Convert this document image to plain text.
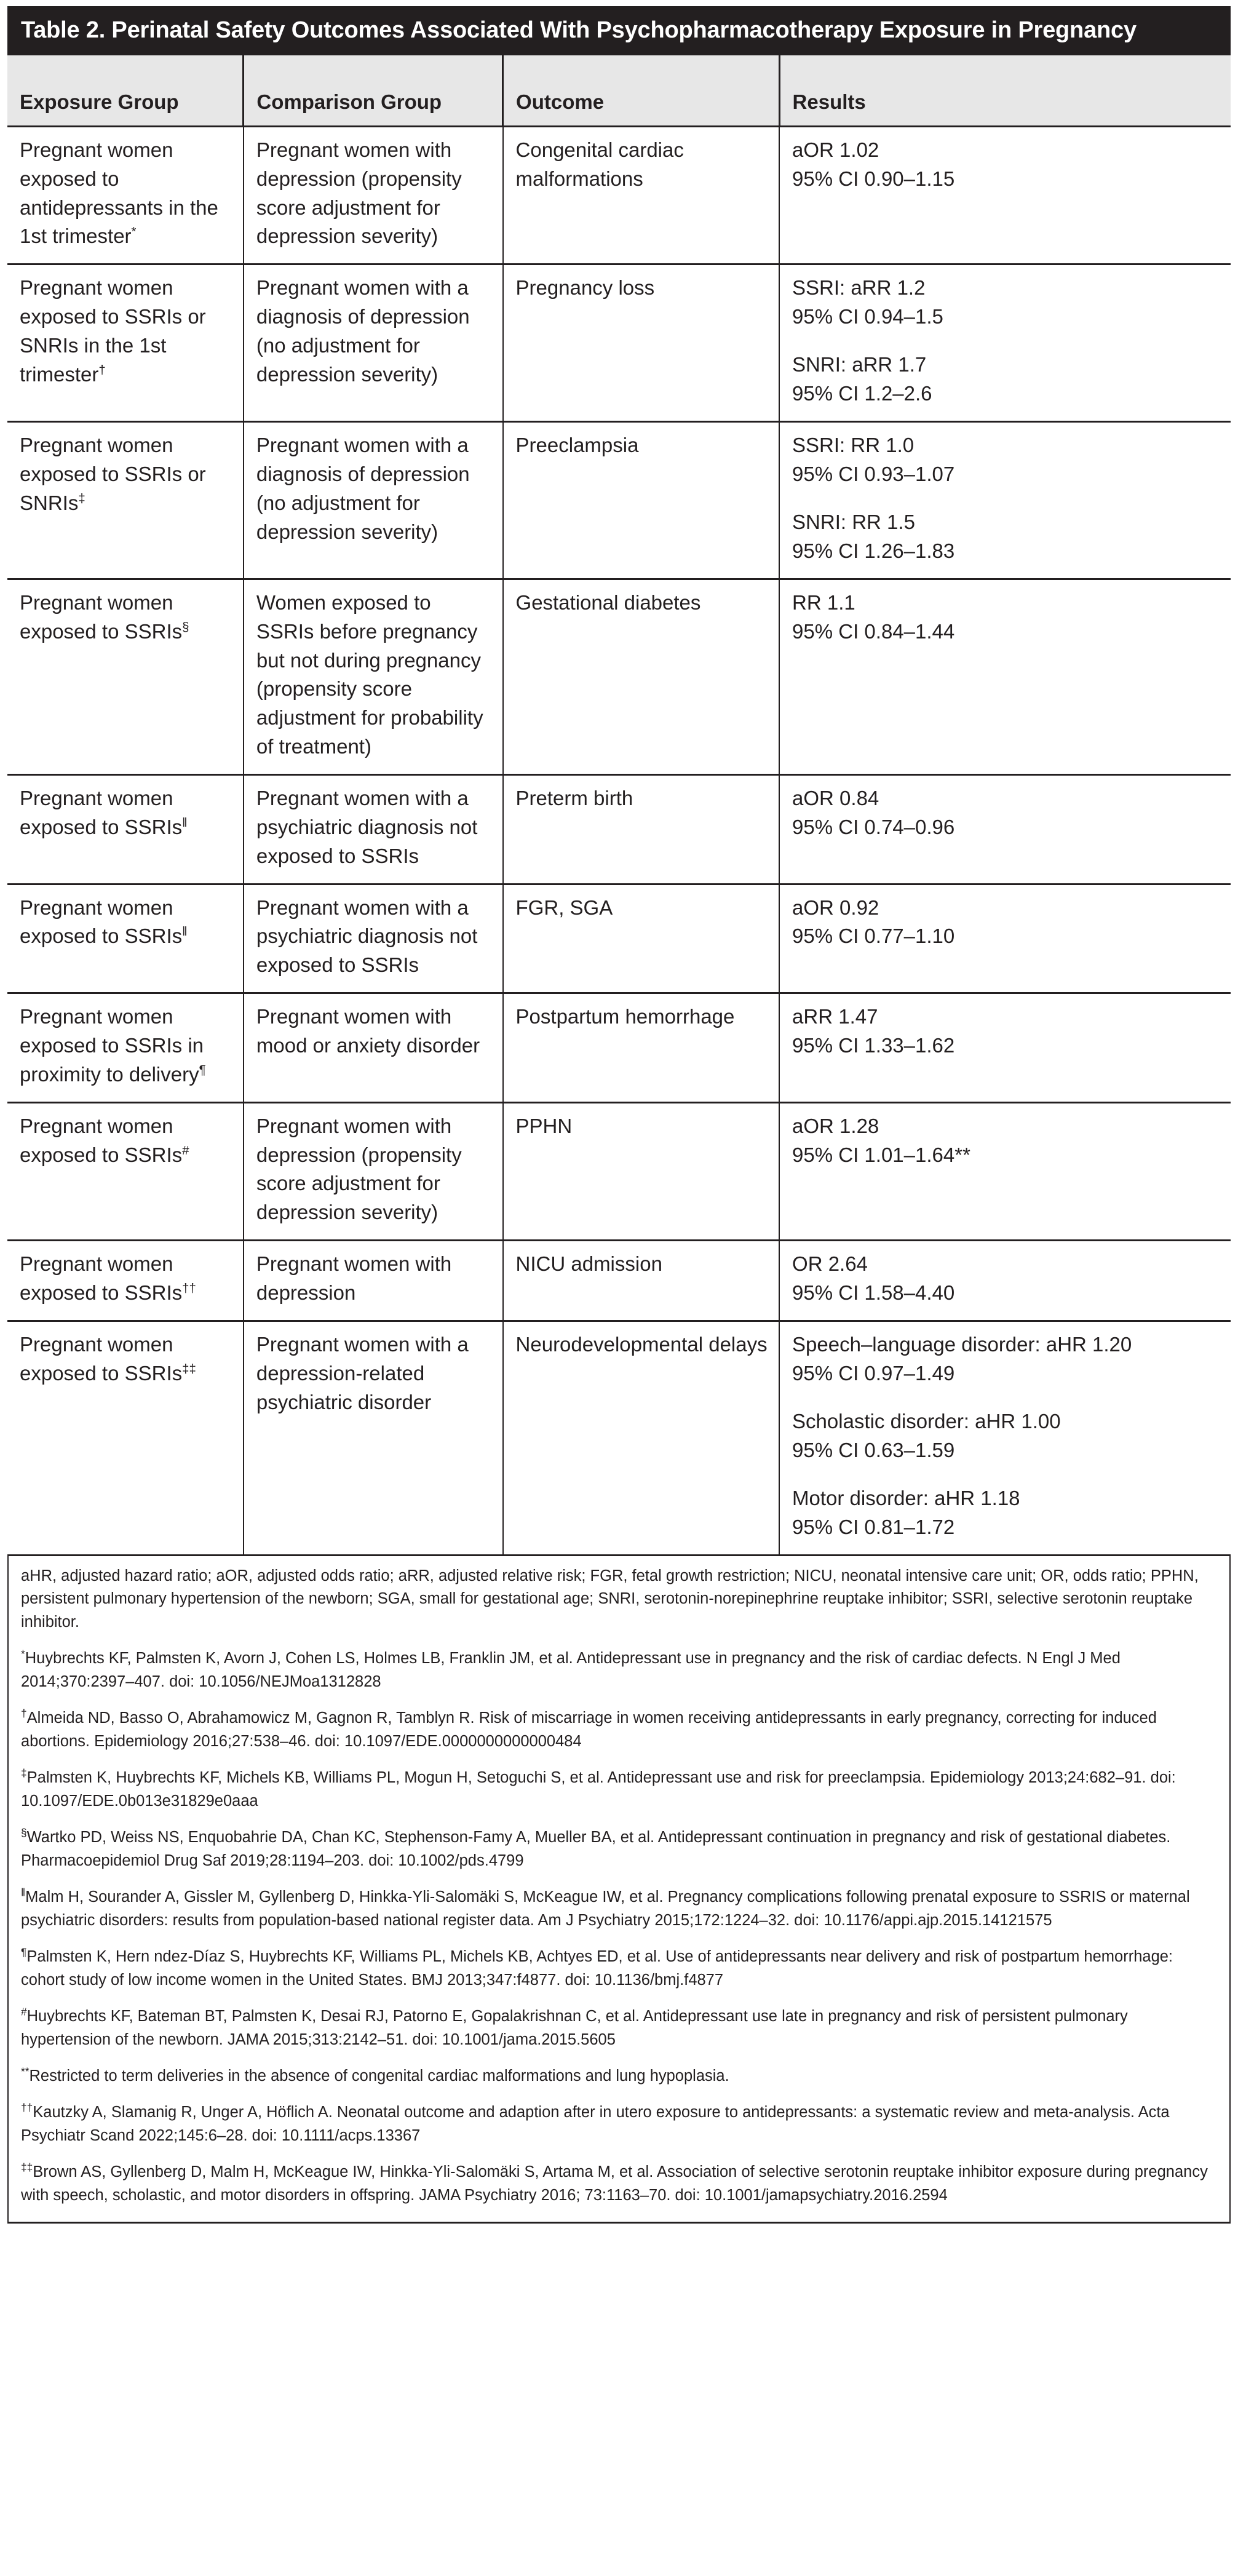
Table 2. Perinatal Safety Outcomes Associated With Psychopharmacotherapy Exposure in Pregnancy
Exposure Group	Comparison Group	Outcome	Results
Pregnant women exposed to antidepressants in the 1st trimester*	Pregnant women with depression (propensity score adjustment for depression severity)	Congenital cardiac malformations	aOR 1.02
95% CI 0.90–1.15

Pregnant women exposed to SSRIs or SNRIs in the 1st trimester†	Pregnant women with a diagnosis of depression (no adjustment for depression severity)	Pregnancy loss	SSRI: aRR 1.2
95% CI 0.94–1.5
SNRI: aRR 1.7
95% CI 1.2–2.6

Pregnant women exposed to SSRIs or SNRIs‡	Pregnant women with a diagnosis of depression (no adjustment for depression severity)	Preeclampsia	SSRI: RR 1.0
95% CI 0.93–1.07
SNRI: RR 1.5
95% CI 1.26–1.83

Pregnant women exposed to SSRIs§	Women exposed to SSRIs before pregnancy but not during pregnancy (propensity score adjustment for probability of treatment)	Gestational diabetes	RR 1.1
95% CI 0.84–1.44

Pregnant women exposed to SSRIs‖	Pregnant women with a psychiatric diagnosis not exposed to SSRIs	Preterm birth	aOR 0.84
95% CI 0.74–0.96

Pregnant women exposed to SSRIs‖	Pregnant women with a psychiatric diagnosis not exposed to SSRIs	FGR, SGA	aOR 0.92
95% CI 0.77–1.10

Pregnant women exposed to SSRIs in proximity to delivery¶	Pregnant women with mood or anxiety disorder	Postpartum hemorrhage	aRR 1.47
95% CI 1.33–1.62

Pregnant women exposed to SSRIs#	Pregnant women with depression (propensity score adjustment for depression severity)	PPHN	aOR 1.28
95% CI 1.01–1.64**

Pregnant women exposed to SSRIs††	Pregnant women with depression	NICU admission	OR 2.64
95% CI 1.58–4.40

Pregnant women exposed to SSRIs‡‡	Pregnant women with a depression-related psychiatric disorder	Neurodevelopmental delays	Speech–language disorder: aHR 1.20
95% CI 0.97–1.49
Scholastic disorder: aHR 1.00
95% CI 0.63–1.59
Motor disorder: aHR 1.18
95% CI 0.81–1.72

aHR, adjusted hazard ratio; aOR, adjusted odds ratio; aRR, adjusted relative risk; FGR, fetal growth restriction; NICU, neonatal intensive care unit; OR, odds ratio; PPHN, persistent pulmonary hypertension of the newborn; SGA, small for gestational age; SNRI, serotonin-norepinephrine reuptake inhibitor; SSRI, selective serotonin reuptake inhibitor.

*Huybrechts KF, Palmsten K, Avorn J, Cohen LS, Holmes LB, Franklin JM, et al. Antidepressant use in pregnancy and the risk of cardiac defects. N Engl J Med 2014;370:2397–407. doi: 10.1056/NEJMoa1312828

†Almeida ND, Basso O, Abrahamowicz M, Gagnon R, Tamblyn R. Risk of miscarriage in women receiving antidepressants in early pregnancy, correcting for induced abortions. Epidemiology 2016;27:538–46. doi: 10.1097/EDE.0000000000000484

‡Palmsten K, Huybrechts KF, Michels KB, Williams PL, Mogun H, Setoguchi S, et al. Antidepressant use and risk for preeclampsia. Epidemiology 2013;24:682–91. doi: 10.1097/EDE.0b013e31829e0aaa

§Wartko PD, Weiss NS, Enquobahrie DA, Chan KC, Stephenson-Famy A, Mueller BA, et al. Antidepressant continuation in pregnancy and risk of gestational diabetes. Pharmacoepidemiol Drug Saf 2019;28:1194–203. doi: 10.1002/pds.4799

‖Malm H, Sourander A, Gissler M, Gyllenberg D, Hinkka-Yli-Salomäki S, McKeague IW, et al. Pregnancy complications following prenatal exposure to SSRIS or maternal psychiatric disorders: results from population-based national register data. Am J Psychiatry 2015;172:1224–32. doi: 10.1176/appi.ajp.2015.14121575

¶Palmsten K, Hern ndez-Díaz S, Huybrechts KF, Williams PL, Michels KB, Achtyes ED, et al. Use of antidepressants near delivery and risk of postpartum hemorrhage: cohort study of low income women in the United States. BMJ 2013;347:f4877. doi: 10.1136/bmj.f4877

#Huybrechts KF, Bateman BT, Palmsten K, Desai RJ, Patorno E, Gopalakrishnan C, et al. Antidepressant use late in pregnancy and risk of persistent pulmonary hypertension of the newborn. JAMA 2015;313:2142–51. doi: 10.1001/jama.2015.5605

**Restricted to term deliveries in the absence of congenital cardiac malformations and lung hypoplasia.

††Kautzky A, Slamanig R, Unger A, Höflich A. Neonatal outcome and adaption after in utero exposure to antidepressants: a systematic review and meta-analysis. Acta Psychiatr Scand 2022;145:6–28. doi: 10.1111/acps.13367

‡‡Brown AS, Gyllenberg D, Malm H, McKeague IW, Hinkka-Yli-Salomäki S, Artama M, et al. Association of selective serotonin reuptake inhibitor exposure during pregnancy with speech, scholastic, and motor disorders in offspring. JAMA Psychiatry 2016; 73:1163–70. doi: 10.1001/jamapsychiatry.2016.2594
